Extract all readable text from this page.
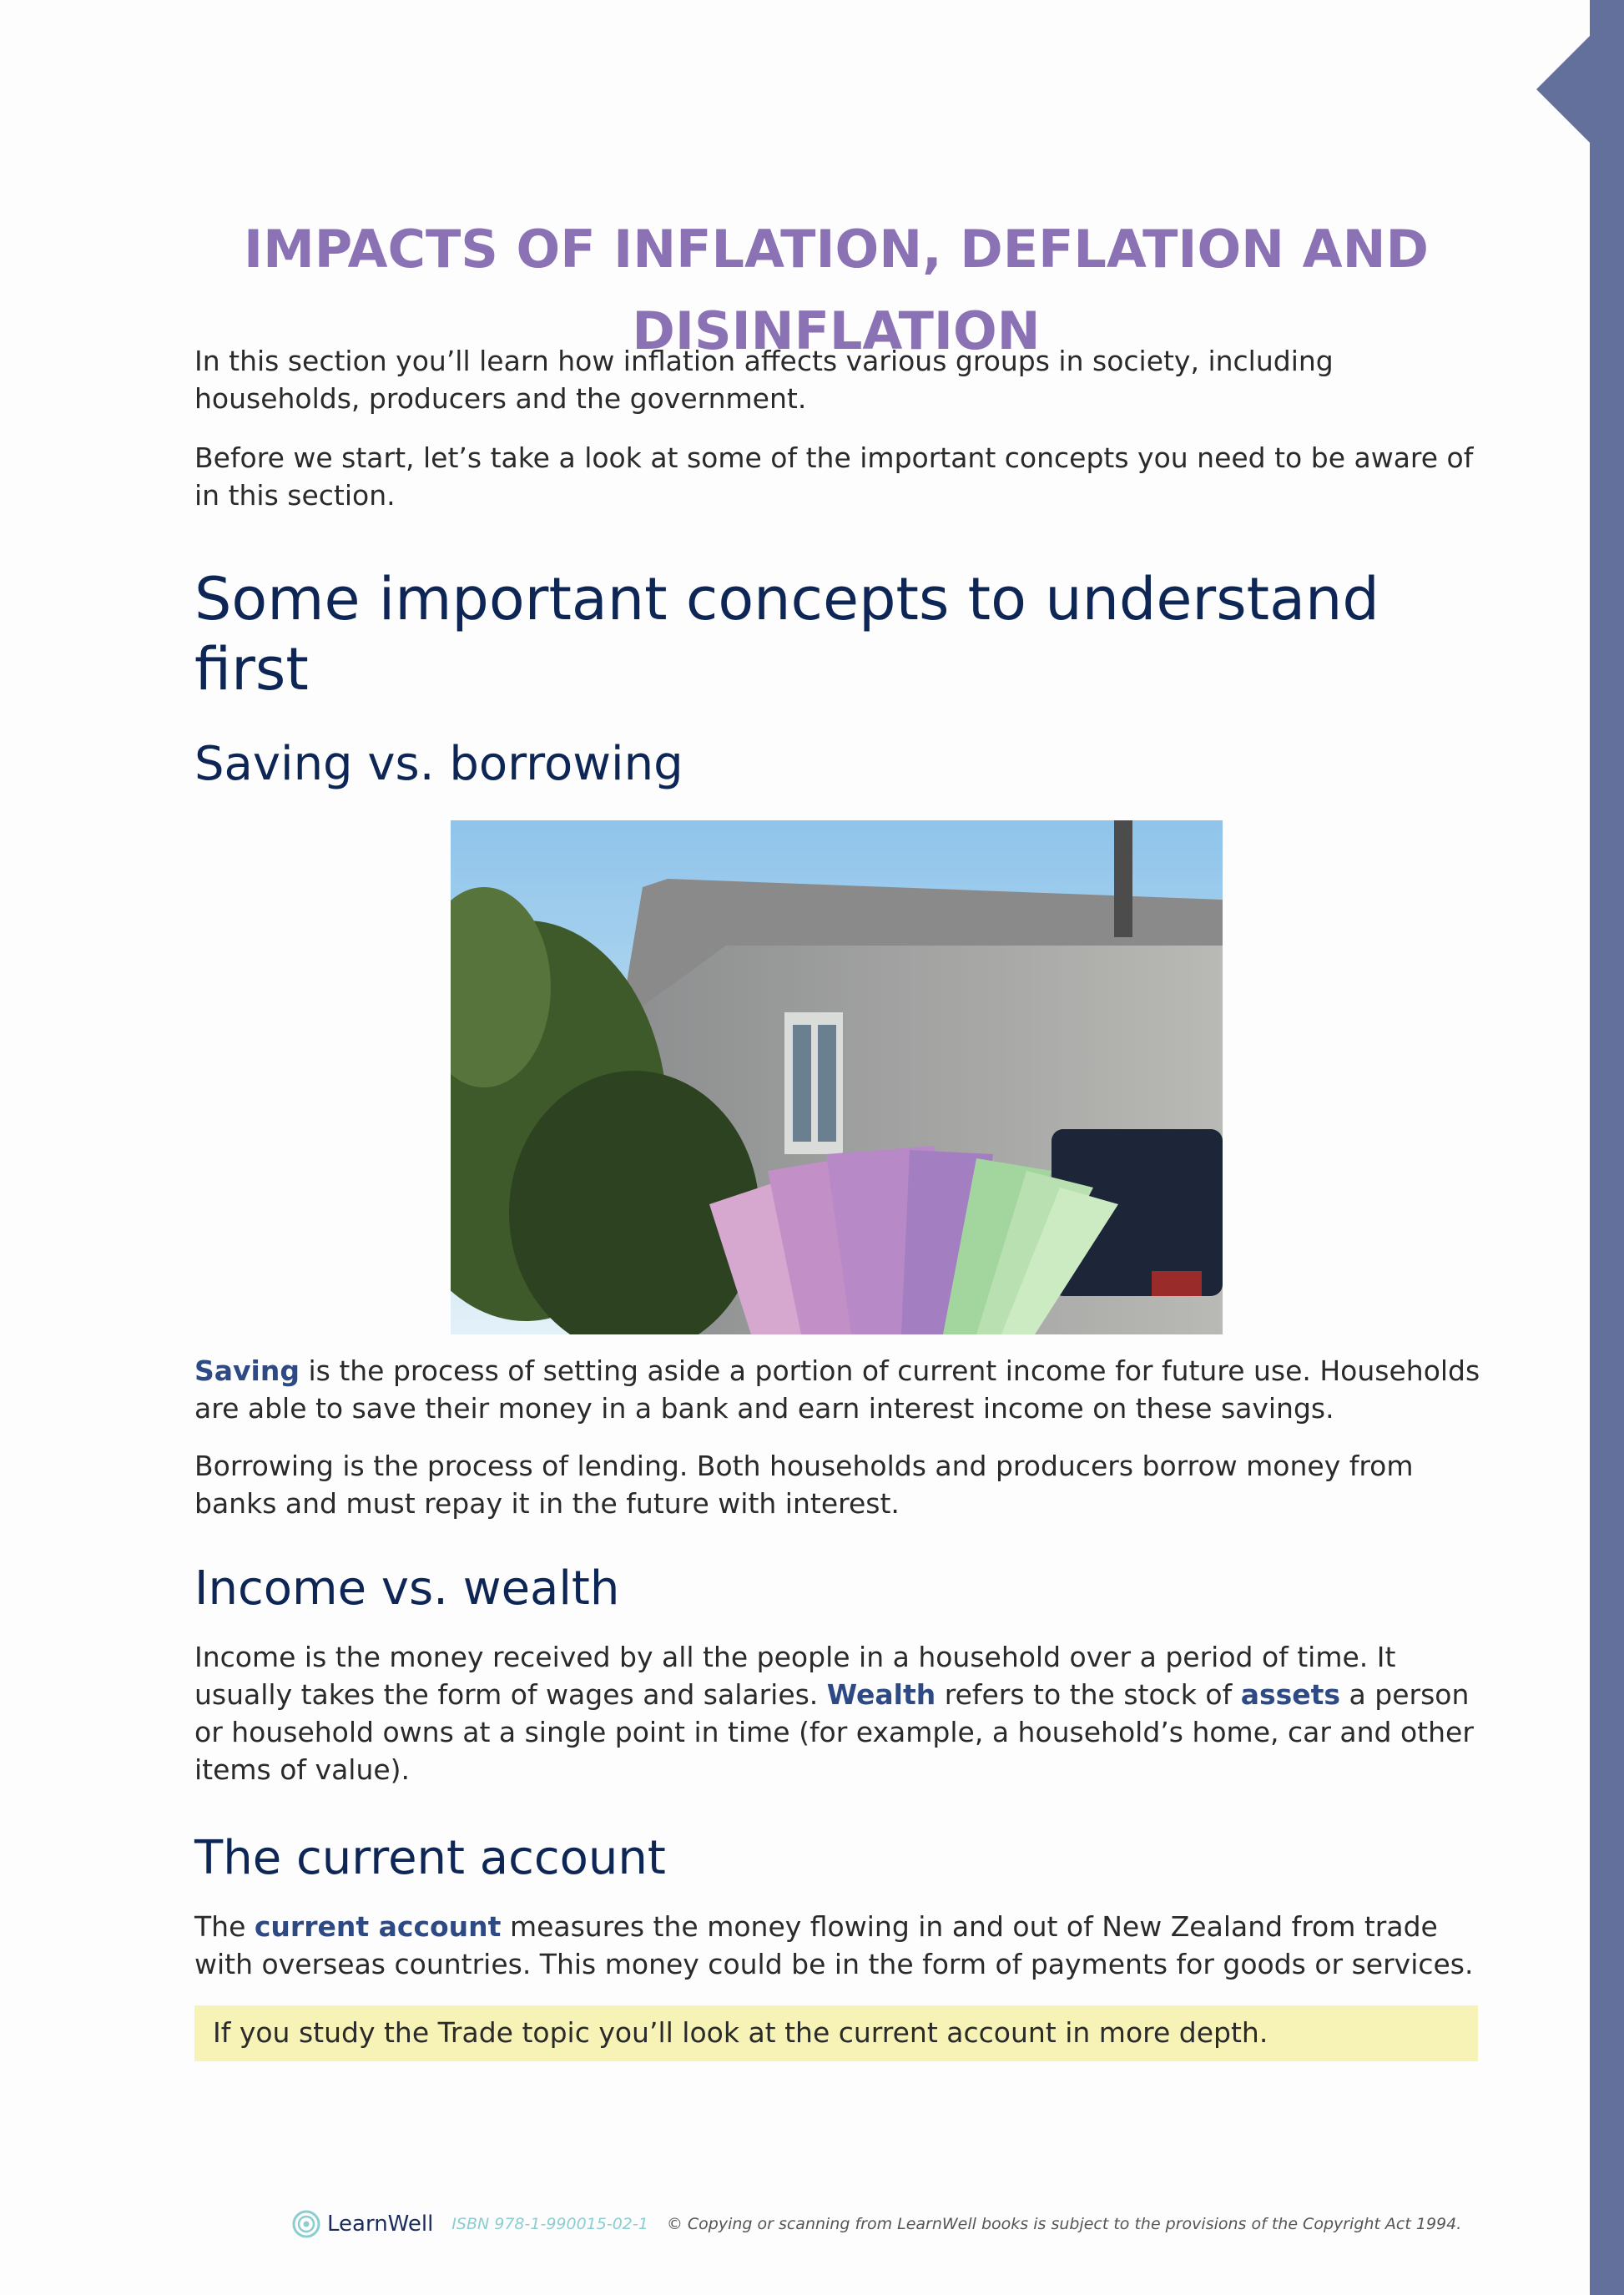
IMPACTS OF INFLATION, DEFLATION AND
DISINFLATION

In this section you’ll learn how inflation affects various groups in society, including households, producers and the government.

Before we start, let’s take a look at some of the important concepts you need to be aware of in this section.

Some important concepts to understand first
Saving vs. borrowing

Saving is the process of setting aside a portion of current income for future use. Households are able to save their money in a bank and earn interest income on these savings.

Borrowing is the process of lending. Both households and producers borrow money from banks and must repay it in the future with interest.

Income vs. wealth

Income is the money received by all the people in a household over a period of time. It usually takes the form of wages and salaries. Wealth refers to the stock of assets a person or household owns at a single point in time (for example, a household’s home, car and other items of value).

The current account

The current account measures the money flowing in and out of New Zealand from trade with overseas countries. This money could be in the form of payments for goods or services.

If you study the Trade topic you’ll look at the current account in more depth.
LearnWell ISBN 978-1-990015-02-1 © Copying or scanning from LearnWell books is subject to the provisions of the Copyright Act 1994.
